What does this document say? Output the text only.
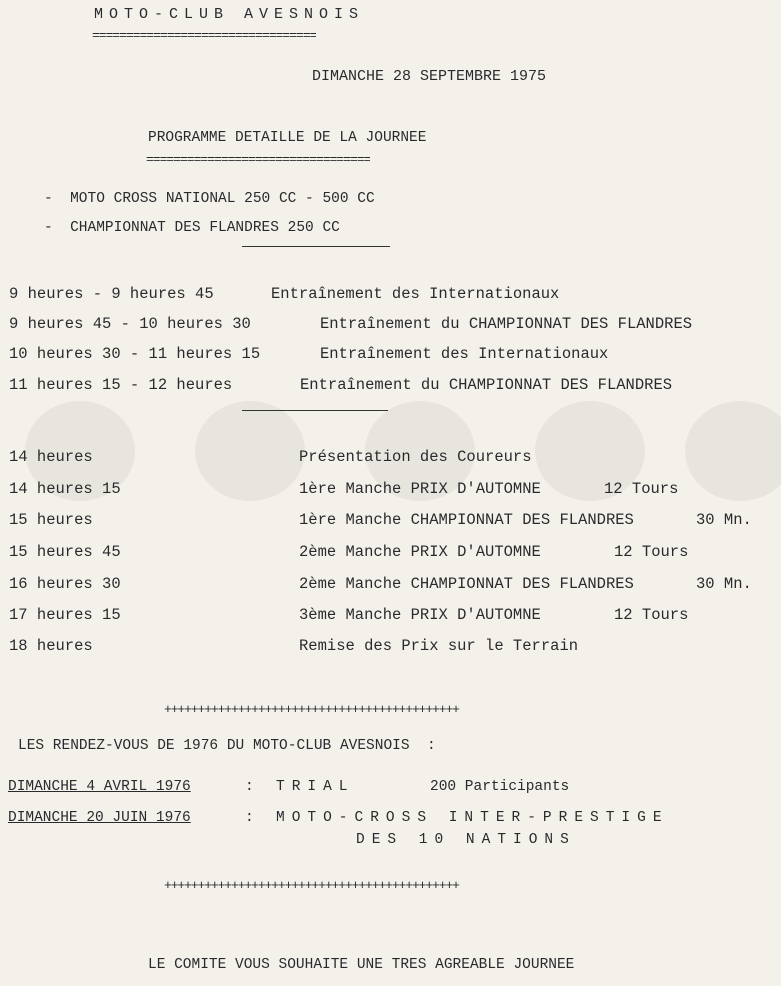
MOTO-CLUB AVESNOIS
=================================
DIMANCHE 28 SEPTEMBRE 1975
PROGRAMME DETAILLE DE LA JOURNEE
=================================
-  MOTO CROSS NATIONAL 250 CC - 500 CC
-  CHAMPIONNAT DES FLANDRES 250 CC
9 heures - 9 heures 45	Entraînement des Internationaux
9 heures 45 - 10 heures 30	Entraînement du CHAMPIONNAT DES FLANDRES
10 heures 30 - 11 heures 15	Entraînement des Internationaux
11 heures 15 - 12 heures	Entraînement du CHAMPIONNAT DES FLANDRES
14 heures	Présentation des Coureurs
14 heures 15	1ère Manche PRIX D'AUTOMNE	12 Tours
15 heures	1ère Manche CHAMPIONNAT DES FLANDRES	30 Mn.
15 heures 45	2ème Manche PRIX D'AUTOMNE	12 Tours
16 heures 30	2ème Manche CHAMPIONNAT DES FLANDRES	30 Mn.
17 heures 15	3ème Manche PRIX D'AUTOMNE	12 Tours
18 heures	Remise des Prix sur le Terrain
++++++++++++++++++++++++++++++++++++++++++++
LES RENDEZ-VOUS DE 1976 DU MOTO-CLUB AVESNOIS  :
DIMANCHE 4 AVRIL 1976	: TRIAL	200 Participants
DIMANCHE 20 JUIN 1976	: MOTO-CROSS INTER-PRESTIGE
DES 10 NATIONS
++++++++++++++++++++++++++++++++++++++++++++
LE COMITE VOUS SOUHAITE UNE TRES AGREABLE JOURNEE
